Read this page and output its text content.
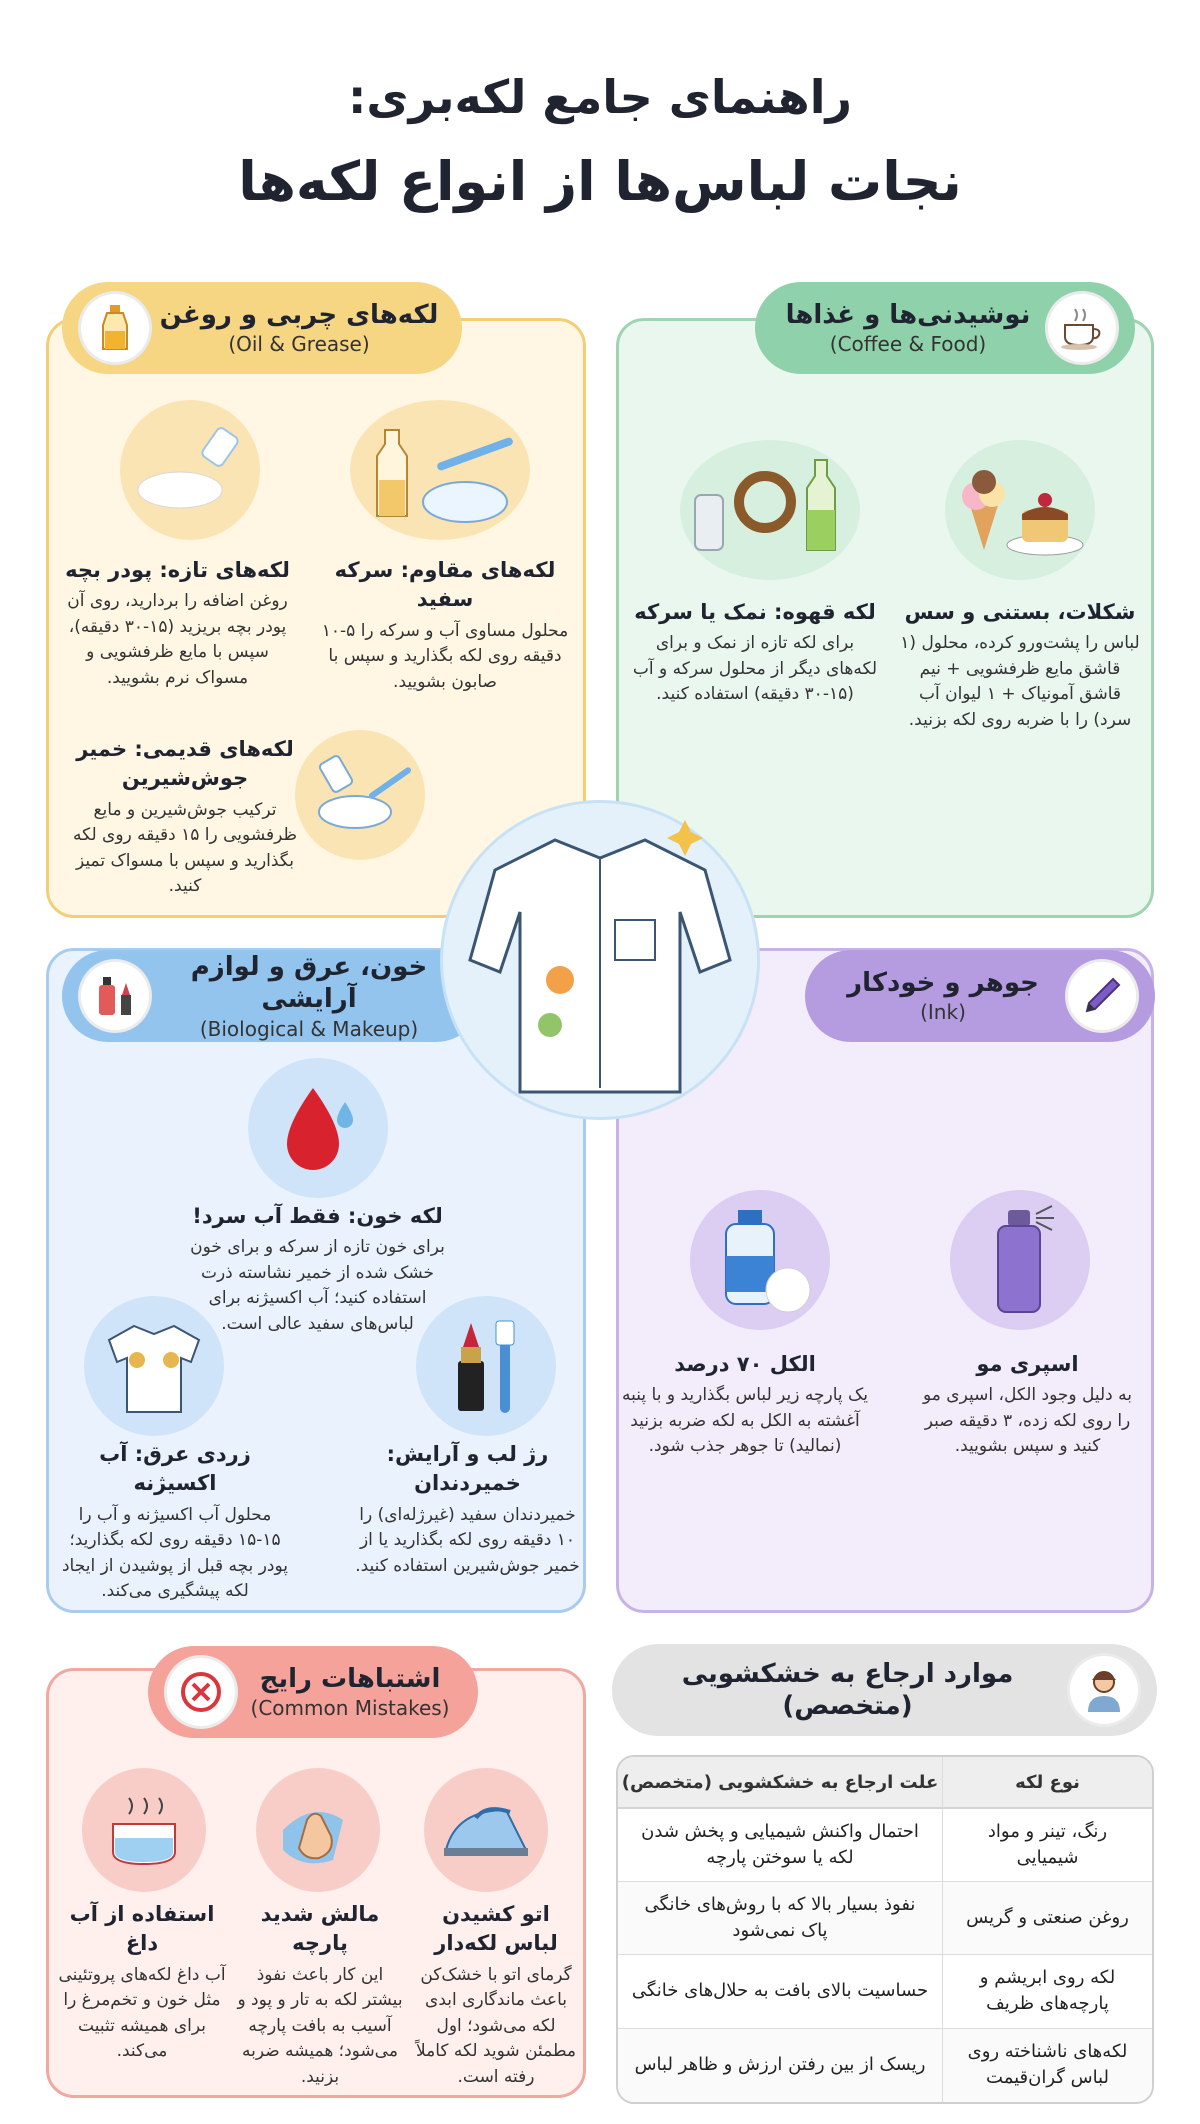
راهنمای جامع لکه‌بری:
نجات لباس‌ها از انواع لکه‌ها
لکه‌های چربی و روغن
(Oil & Grease)
نوشیدنی‌ها و غذاها
(Coffee & Food)
خون، عرق و لوازم آرایشی
(Biological & Makeup)
جوهر و خودکار
(Ink)
اشتباهات رایج
(Common Mistakes)
موارد ارجاع به خشکشویی (متخصص)
لکه‌های تازه: پودر بچه
روغن اضافه را بردارید، روی آن پودر بچه بریزید (۱۵-۳۰ دقیقه)، سپس با مایع ظرفشویی و مسواک نرم بشویید.
لکه‌های مقاوم: سرکه سفید
محلول مساوی آب و سرکه را ۵-۱۰ دقیقه روی لکه بگذارید و سپس با صابون بشویید.
لکه‌های قدیمی: خمیر جوش‌شیرین
ترکیب جوش‌شیرین و مایع ظرفشویی را ۱۵ دقیقه روی لکه بگذارید و سپس با مسواک تمیز کنید.
لکه قهوه: نمک یا سرکه
برای لکه تازه از نمک و برای لکه‌های دیگر از محلول سرکه و آب (۱۵-۳۰ دقیقه) استفاده کنید.
شکلات، بستنی و سس
لباس را پشت‌ورو کرده، محلول (۱ قاشق مایع ظرفشویی + نیم قاشق آمونیاک + ۱ لیوان آب سرد) را با ضربه روی لکه بزنید.
لکه خون: فقط آب سرد!
برای خون تازه از سرکه و برای خون خشک شده از خمیر نشاسته ذرت استفاده کنید؛ آب اکسیژنه برای لباس‌های سفید عالی است.
زردی عرق: آب اکسیژنه
محلول آب اکسیژنه و آب را ۱۵-۱۵ دقیقه روی لکه بگذارید؛ پودر بچه قبل از پوشیدن از ایجاد لکه پیشگیری می‌کند.
رژ لب و آرایش: خمیردندان
خمیردندان سفید (غیرژله‌ای) را ۱۰ دقیقه روی لکه بگذارید یا از خمیر جوش‌شیرین استفاده کنید.
الکل ۷۰ درصد
یک پارچه زیر لباس بگذارید و با پنبه آغشته به الکل به لکه ضربه بزنید (نمالید) تا جوهر جذب شود.
اسپری مو
به دلیل وجود الکل، اسپری مو را روی لکه زده، ۳ دقیقه صبر کنید و سپس بشویید.
استفاده از آب داغ
آب داغ لکه‌های پروتئینی مثل خون و تخم‌مرغ را برای همیشه تثبیت می‌کند.
مالش شدید پارچه
این کار باعث نفوذ بیشتر لکه به تار و پود و آسیب به بافت پارچه می‌شود؛ همیشه ضربه بزنید.
اتو کشیدن لباس لکه‌دار
گرمای اتو با خشک‌کن باعث ماندگاری ابدی لکه می‌شود؛ اول مطمئن شوید لکه کاملاً رفته است.
نوع لکه	علت ارجاع به خشکشویی (متخصص)
رنگ، تینر و مواد شیمیایی	احتمال واکنش شیمیایی و پخش شدن لکه یا سوختن پارچه
روغن صنعتی و گریس	نفوذ بسیار بالا که با روش‌های خانگی پاک نمی‌شود
لکه روی ابریشم و پارچه‌های ظریف	حساسیت بالای بافت به حلال‌های خانگی
لکه‌های ناشناخته روی لباس گران‌قیمت	ریسک از بین رفتن ارزش و ظاهر لباس
